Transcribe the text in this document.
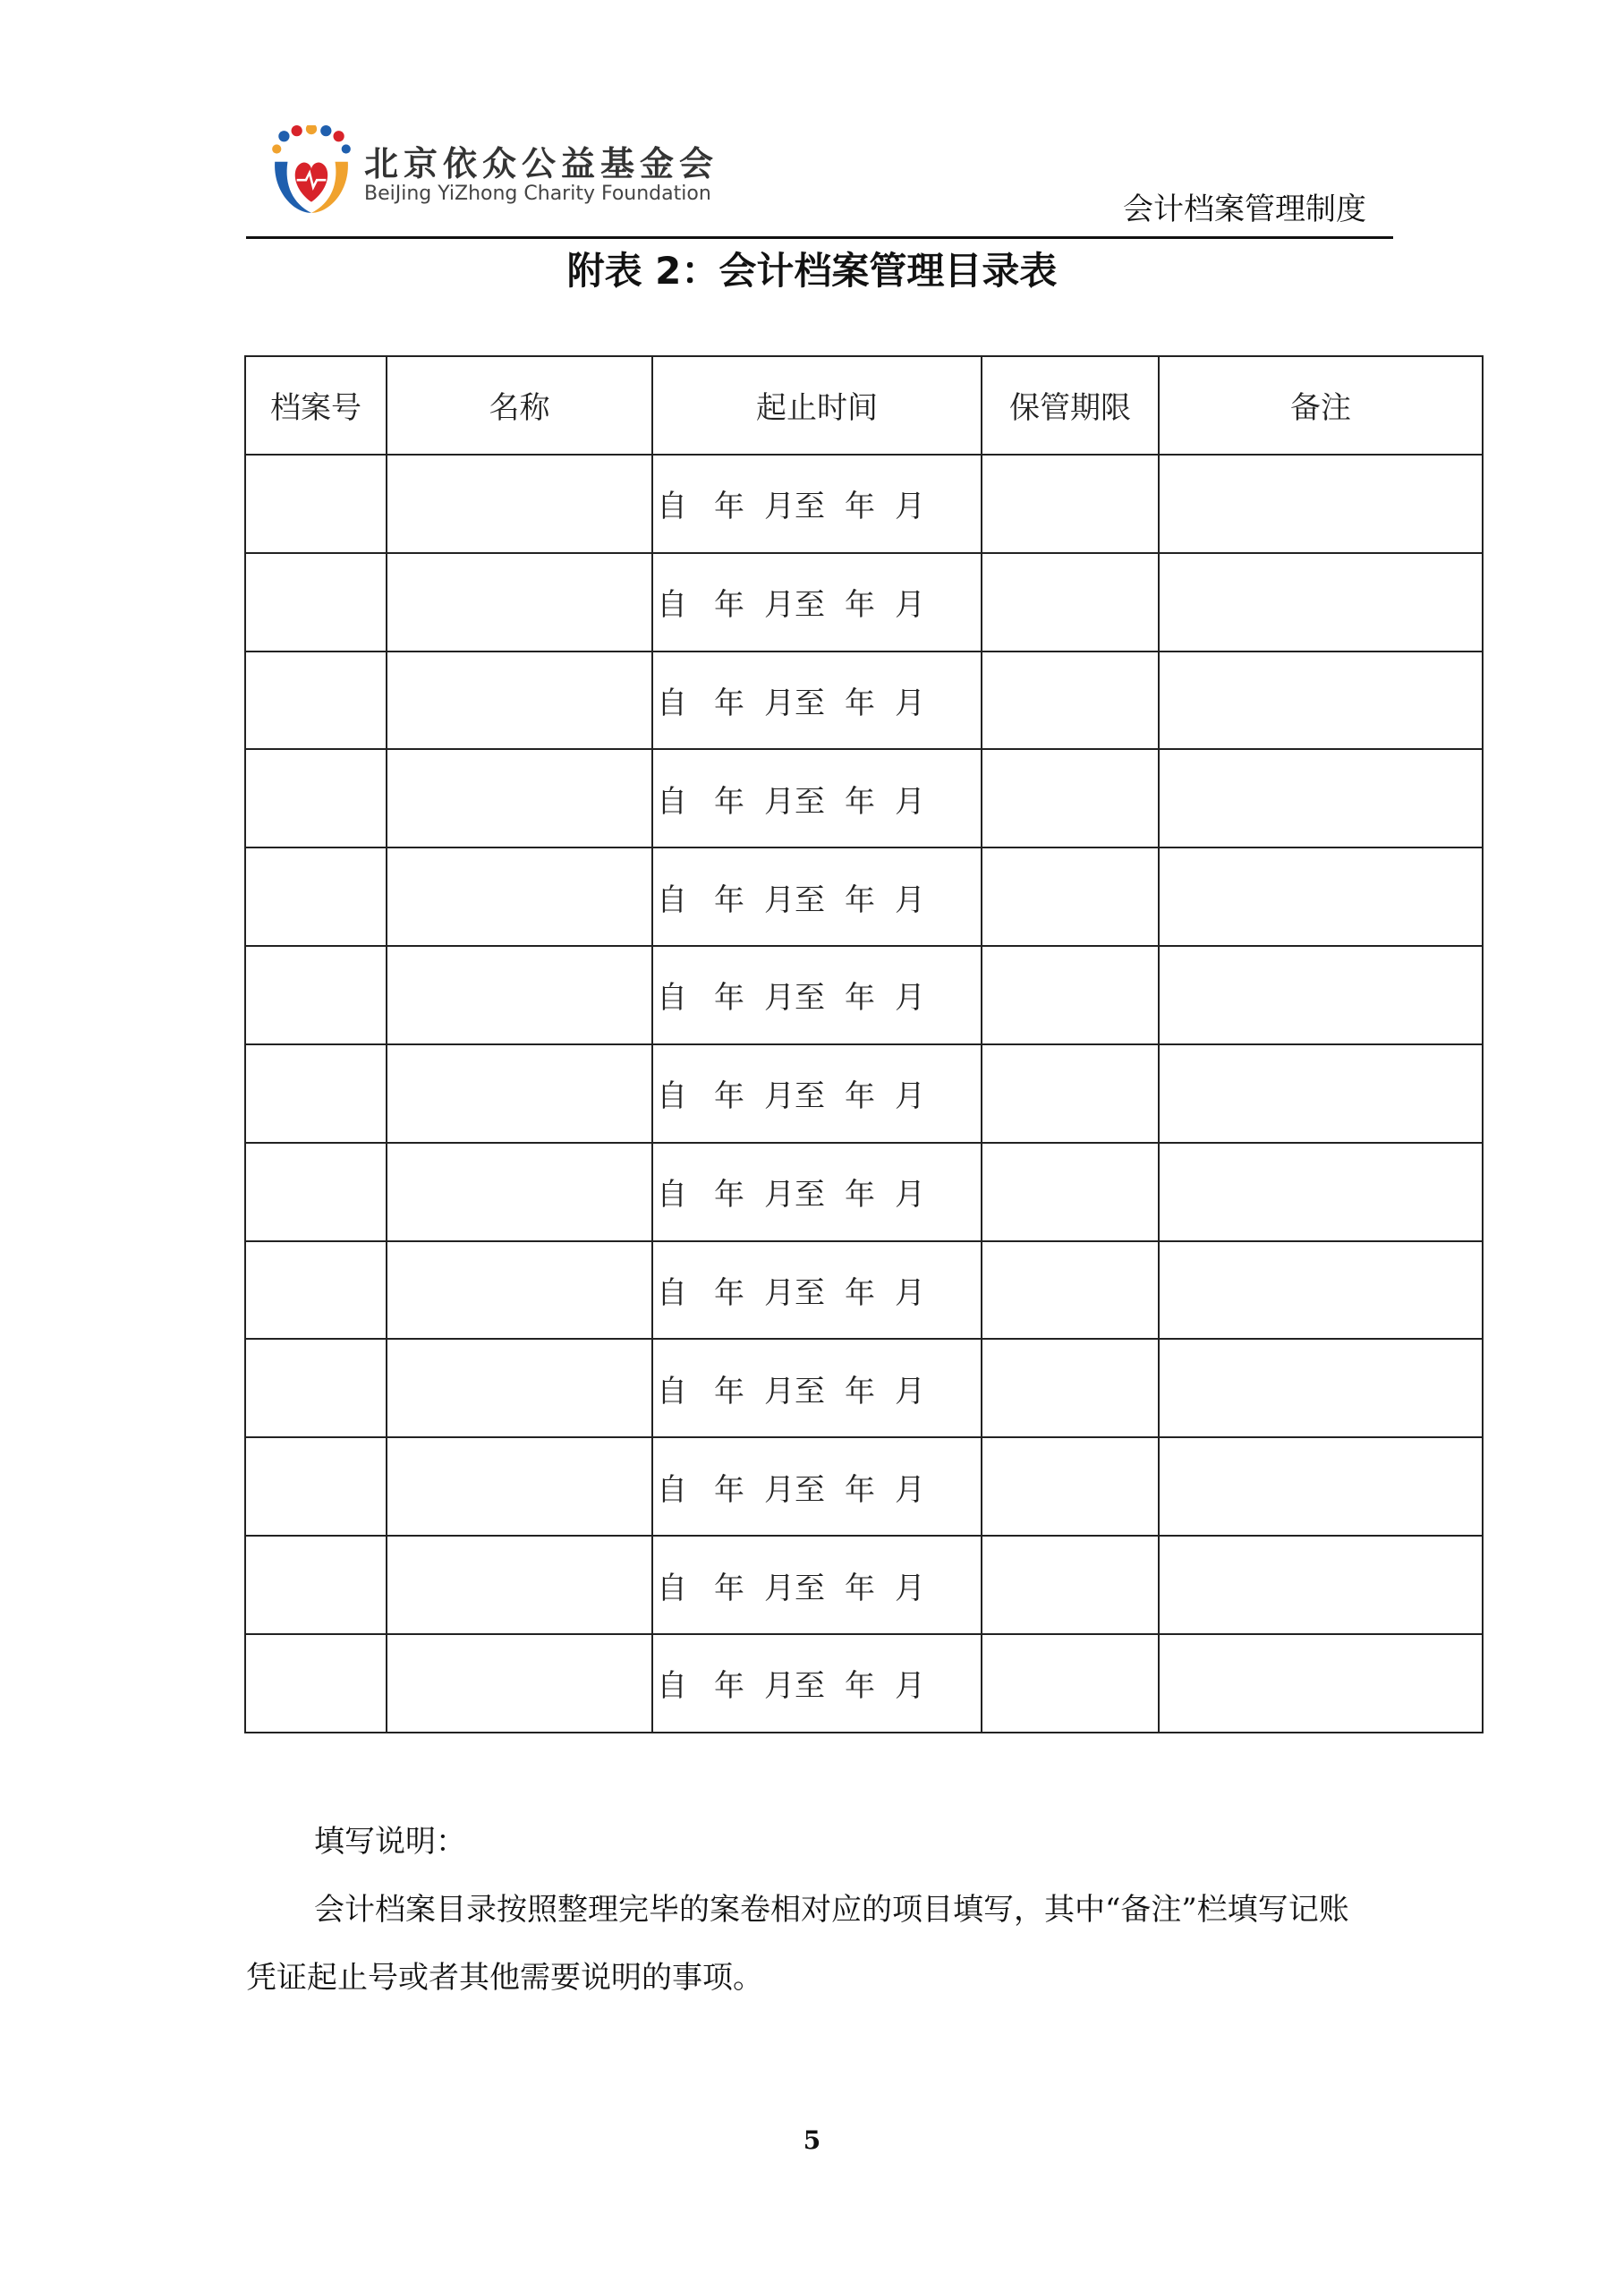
北京依众公益基金会
BeiJing YiZhong Charity Foundation	会计档案管理制度
附表 2：会计档案管理目录表
档案号	名称	起止时间	保管期限	备注
		自 年 月至 年 月		
		自 年 月至 年 月		
		自 年 月至 年 月		
		自 年 月至 年 月		
		自 年 月至 年 月		
		自 年 月至 年 月		
		自 年 月至 年 月		
		自 年 月至 年 月		
		自 年 月至 年 月		
		自 年 月至 年 月		
		自 年 月至 年 月		
		自 年 月至 年 月		
		自 年 月至 年 月		

填写说明：

会计档案目录按照整理完毕的案卷相对应的项目填写，其中“备注”栏填写记账

凭证起止号或者其他需要说明的事项。

5
